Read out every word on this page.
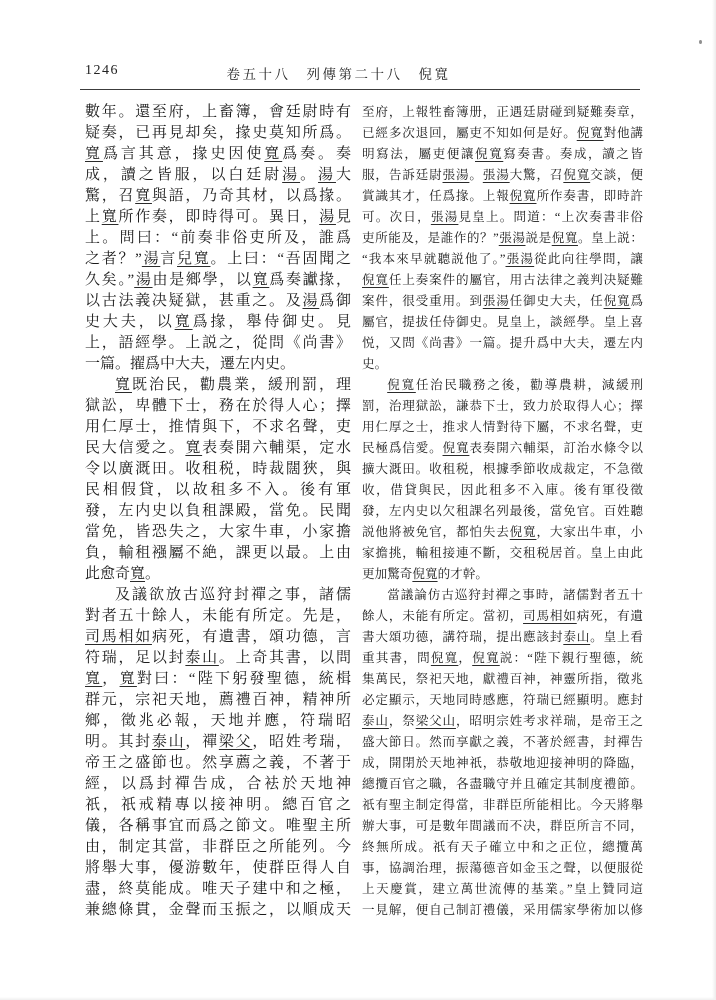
1246	卷五十八　列傳第二十八　倪寬
數年。還至府，上畜簿，會廷尉時有
疑奏，已再見却矣，掾史莫知所爲。
寬爲言其意，掾史因使寬爲奏。奏
成，讀之皆服，以白廷尉湯。湯大
驚，召寬與語，乃奇其材，以爲掾。
上寬所作奏，即時得可。異日，湯見
上。問曰：“前奏非俗吏所及，誰爲
之者？”湯言兒寬。上曰：“吾固聞之
久矣。”湯由是鄉學，以寬爲奏讞掾，
以古法義决疑獄，甚重之。及湯爲御
史大夫，以寬爲掾，舉侍御史。見
上，語經學。上説之，從問《尚書》
一篇。擢爲中大夫，遷左内史。
寬既治民，勸農業，緩刑罰，理
獄訟，卑體下士，務在於得人心；擇
用仁厚士，推情與下，不求名聲，吏
民大信愛之。寬表奏開六輔渠，定水
令以廣溉田。收租税，時裁闊狹，與
民相假貸，以故租多不入。後有軍
發，左内史以負租課殿，當免。民聞
當免，皆恐失之，大家牛車，小家擔
負，輸租襁屬不絶，課更以最。上由
此愈奇寬。
及議欲放古巡狩封禪之事，諸儒
對者五十餘人，未能有所定。先是，
司馬相如病死，有遺書，頌功德，言
符瑞，足以封泰山。上奇其書，以問
寬，寬對曰：“陛下躬發聖德，統楫
群元，宗祀天地，薦禮百神，精神所
鄉，徵兆必報，天地并應，符瑞昭
明。其封泰山，禪梁父，昭姓考瑞，
帝王之盛節也。然享薦之義，不著于
經，以爲封禪告成，合袪於天地神
祇，祇戒精專以接神明。總百官之
儀，各稱事宜而爲之節文。唯聖主所
由，制定其當，非群臣之所能列。今
將舉大事，優游數年，使群臣得人自
盡，終莫能成。唯天子建中和之極，
兼總條貫，金聲而玉振之，以順成天
至府，上報牲畜簿册，正遇廷尉碰到疑難奏章，
已經多次退回，屬吏不知如何是好。倪寬對他講
明寫法，屬吏便讓倪寬寫奏書。奏成，讀之皆
服，告訴廷尉張湯。張湯大驚，召倪寬交談，便
賞識其才，任爲掾。上報倪寬所作奏書，即時許
可。次日，張湯見皇上。問道：“上次奏書非俗
吏所能及，是誰作的？”張湯説是倪寬。皇上説：
“我本來早就聽説他了。”張湯從此向往學問，讓
倪寬任上奏案件的屬官，用古法律之義判决疑難
案件，很受重用。到張湯任御史大夫，任倪寬爲
屬官，提拔任侍御史。見皇上，談經學。皇上喜
悦，又問《尚書》一篇。提升爲中大夫，遷左内
史。
倪寬任治民職務之後，勸導農耕，減緩刑
罰，治理獄訟，謙恭下士，致力於取得人心；擇
用仁厚之士，推求人情對待下屬，不求名聲，吏
民極爲信愛。倪寬表奏開六輔渠，訂治水條令以
擴大溉田。收租税，根據季節收成裁定，不急徵
收，借貸與民，因此租多不入庫。後有軍役徵
發，左内史以欠租課名列最後，當免官。百姓聽
説他將被免官，都怕失去倪寬，大家出牛車，小
家擔挑，輸租接連不斷，交租税居首。皇上由此
更加驚奇倪寬的才幹。
當議論仿古巡狩封禪之事時，諸儒對者五十
餘人，未能有所定。當初，司馬相如病死，有遺
書大頌功德，講符瑞，提出應該封泰山。皇上看
重其書，問倪寬，倪寬説：“陛下親行聖德，統
集萬民，祭祀天地，獻禮百神，神靈所指，徵兆
必定顯示，天地同時感應，符瑞已經顯明。應封
泰山，祭梁父山，昭明宗姓考求祥瑞，是帝王之
盛大節日。然而享獻之義，不著於經書，封禪告
成，開閉於天地神祇，恭敬地迎接神明的降臨，
總攬百官之職，各盡職守并且確定其制度禮節。
祇有聖主制定得當，非群臣所能相比。今天將舉
辦大事，可是數年間議而不决，群臣所言不同，
終無所成。祇有天子確立中和之正位，總攬萬
事，協調治理，振蕩德音如金玉之聲，以便服從
上天慶賞，建立萬世流傳的基業。”皇上贊同這
一見解，便自己制訂禮儀，采用儒家學術加以修
